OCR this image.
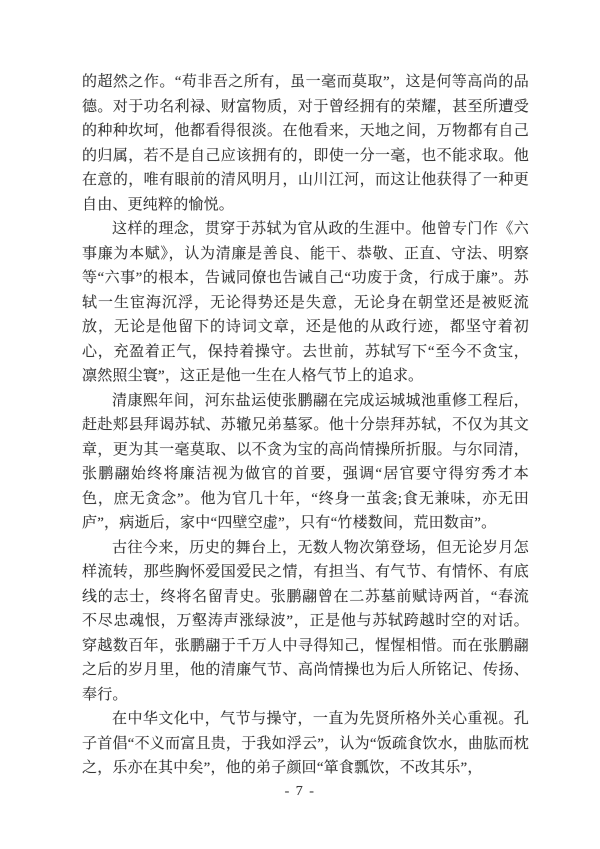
的超然之作。“苟非吾之所有，虽一毫而莫取”，这是何等高尚的品德。对于功名利禄、财富物质，对于曾经拥有的荣耀，甚至所遭受的种种坎坷，他都看得很淡。在他看来，天地之间，万物都有自己的归属，若不是自己应该拥有的，即使一分一毫，也不能求取。他在意的，唯有眼前的清风明月，山川江河，而这让他获得了一种更自由、更纯粹的愉悦。

这样的理念，贯穿于苏轼为官从政的生涯中。他曾专门作《六事廉为本赋》，认为清廉是善良、能干、恭敬、正直、守法、明察等“六事”的根本，告诫同僚也告诫自己“功废于贪，行成于廉”。苏轼一生宦海沉浮，无论得势还是失意，无论身在朝堂还是被贬流放，无论是他留下的诗词文章，还是他的从政行迹，都坚守着初心，充盈着正气，保持着操守。去世前，苏轼写下“至今不贪宝，凛然照尘寰”，这正是他一生在人格气节上的追求。

清康熙年间，河东盐运使张鹏翮在完成运城城池重修工程后，赶赴郏县拜谒苏轼、苏辙兄弟墓冢。他十分崇拜苏轼，不仅为其文章，更为其一毫莫取、以不贪为宝的高尚情操所折服。与尔同清，张鹏翮始终将廉洁视为做官的首要，强调“居官要守得穷秀才本色，庶无贪念”。他为官几十年，“终身一茧衾;食无兼味，亦无田庐”，病逝后，家中“四壁空虚”，只有“竹楼数间，荒田数亩”。

古往今来，历史的舞台上，无数人物次第登场，但无论岁月怎样流转，那些胸怀爱国爱民之情，有担当、有气节、有情怀、有底线的志士，终将名留青史。张鹏翮曾在二苏墓前赋诗两首，“春流不尽忠魂恨，万壑涛声涨绿波”，正是他与苏轼跨越时空的对话。穿越数百年，张鹏翮于千万人中寻得知己，惺惺相惜。而在张鹏翮之后的岁月里，他的清廉气节、高尚情操也为后人所铭记、传扬、奉行。

在中华文化中，气节与操守，一直为先贤所格外关心重视。孔子首倡“不义而富且贵，于我如浮云”，认为“饭疏食饮水，曲肱而枕之，乐亦在其中矣”，他的弟子颜回“箪食瓢饮，不改其乐”，

- 7 -
